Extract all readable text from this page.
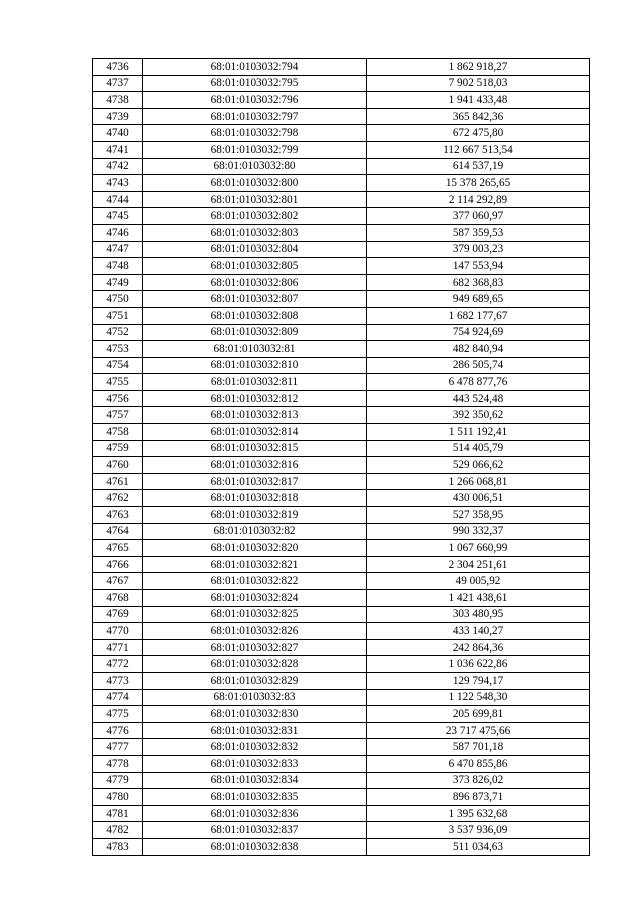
4736	68:01:0103032:794	1 862 918,27
4737	68:01:0103032:795	7 902 518,03
4738	68:01:0103032:796	1 941 433,48
4739	68:01:0103032:797	365 842,36
4740	68:01:0103032:798	672 475,80
4741	68:01:0103032:799	112 667 513,54
4742	68:01:0103032:80	614 537,19
4743	68:01:0103032:800	15 378 265,65
4744	68:01:0103032:801	2 114 292,89
4745	68:01:0103032:802	377 060,97
4746	68:01:0103032:803	587 359,53
4747	68:01:0103032:804	379 003,23
4748	68:01:0103032:805	147 553,94
4749	68:01:0103032:806	682 368,83
4750	68:01:0103032:807	949 689,65
4751	68:01:0103032:808	1 682 177,67
4752	68:01:0103032:809	754 924,69
4753	68:01:0103032:81	482 840,94
4754	68:01:0103032:810	286 505,74
4755	68:01:0103032:811	6 478 877,76
4756	68:01:0103032:812	443 524,48
4757	68:01:0103032:813	392 350,62
4758	68:01:0103032:814	1 511 192,41
4759	68:01:0103032:815	514 405,79
4760	68:01:0103032:816	529 066,62
4761	68:01:0103032:817	1 266 068,81
4762	68:01:0103032:818	430 006,51
4763	68:01:0103032:819	527 358,95
4764	68:01:0103032:82	990 332,37
4765	68:01:0103032:820	1 067 660,99
4766	68:01:0103032:821	2 304 251,61
4767	68:01:0103032:822	49 005,92
4768	68:01:0103032:824	1 421 438,61
4769	68:01:0103032:825	303 480,95
4770	68:01:0103032:826	433 140,27
4771	68:01:0103032:827	242 864,36
4772	68:01:0103032:828	1 036 622,86
4773	68:01:0103032:829	129 794,17
4774	68:01:0103032:83	1 122 548,30
4775	68:01:0103032:830	205 699,81
4776	68:01:0103032:831	23 717 475,66
4777	68:01:0103032:832	587 701,18
4778	68:01:0103032:833	6 470 855,86
4779	68:01:0103032:834	373 826,02
4780	68:01:0103032:835	896 873,71
4781	68:01:0103032:836	1 395 632,68
4782	68:01:0103032:837	3 537 936,09
4783	68:01:0103032:838	511 034,63
